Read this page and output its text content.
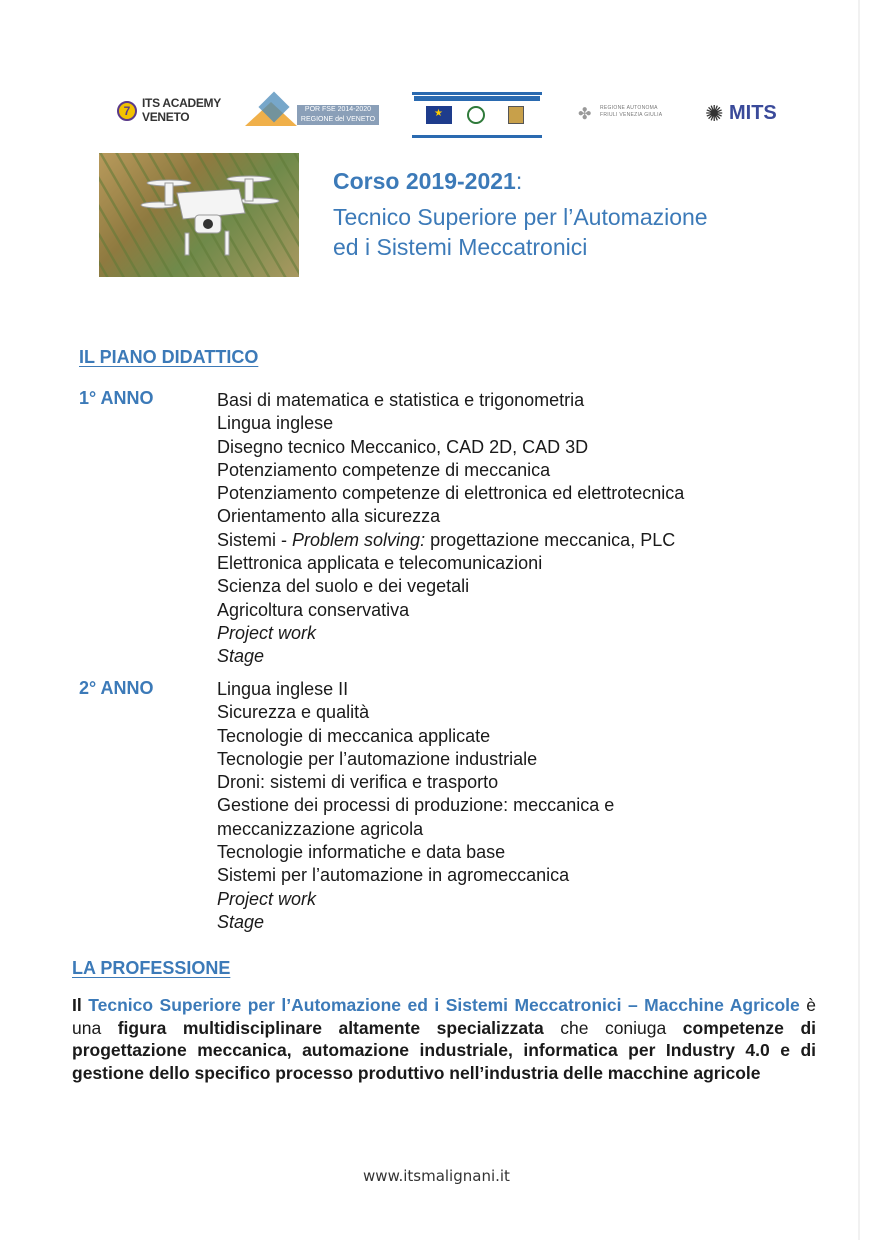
7
ITS ACADEMY
VENETO
POR FSE 2014-2020
REGIONE del VENETO
★	✤ REGIONE AUTONOMA
FRIULI VENEZIA GIULIA ✺ MITS
Corso 2019-2021:
Tecnico Superiore per l’Automazione
ed i Sistemi Meccatronici
IL PIANO DIDATTICO
1° ANNO	Basi di matematica e statistica e trigonometria
Lingua inglese
Disegno tecnico Meccanico, CAD 2D, CAD 3D
Potenziamento competenze di meccanica
Potenziamento competenze di elettronica ed elettrotecnica
Orientamento alla sicurezza
Sistemi - Problem solving: progettazione meccanica, PLC
Elettronica applicata e telecomunicazioni
Scienza del suolo e dei vegetali
Agricoltura conservativa
Project work
Stage
2° ANNO	Lingua inglese II
Sicurezza e qualità
Tecnologie di meccanica applicate
Tecnologie per l’automazione industriale
Droni: sistemi di verifica e trasporto
Gestione dei processi di produzione: meccanica e
meccanizzazione agricola
Tecnologie informatiche e data base
Sistemi per l’automazione in agromeccanica
Project work
Stage
LA PROFESSIONE

Il Tecnico Superiore per l’Automazione ed i Sistemi Meccatronici – Macchine Agricole è una figura multidisciplinare altamente specializzata che coniuga competenze di progettazione meccanica, automazione industriale, informatica per Industry 4.0 e di gestione dello specifico processo produttivo nell’industria delle macchine agricole

www.itsmalignani.it
